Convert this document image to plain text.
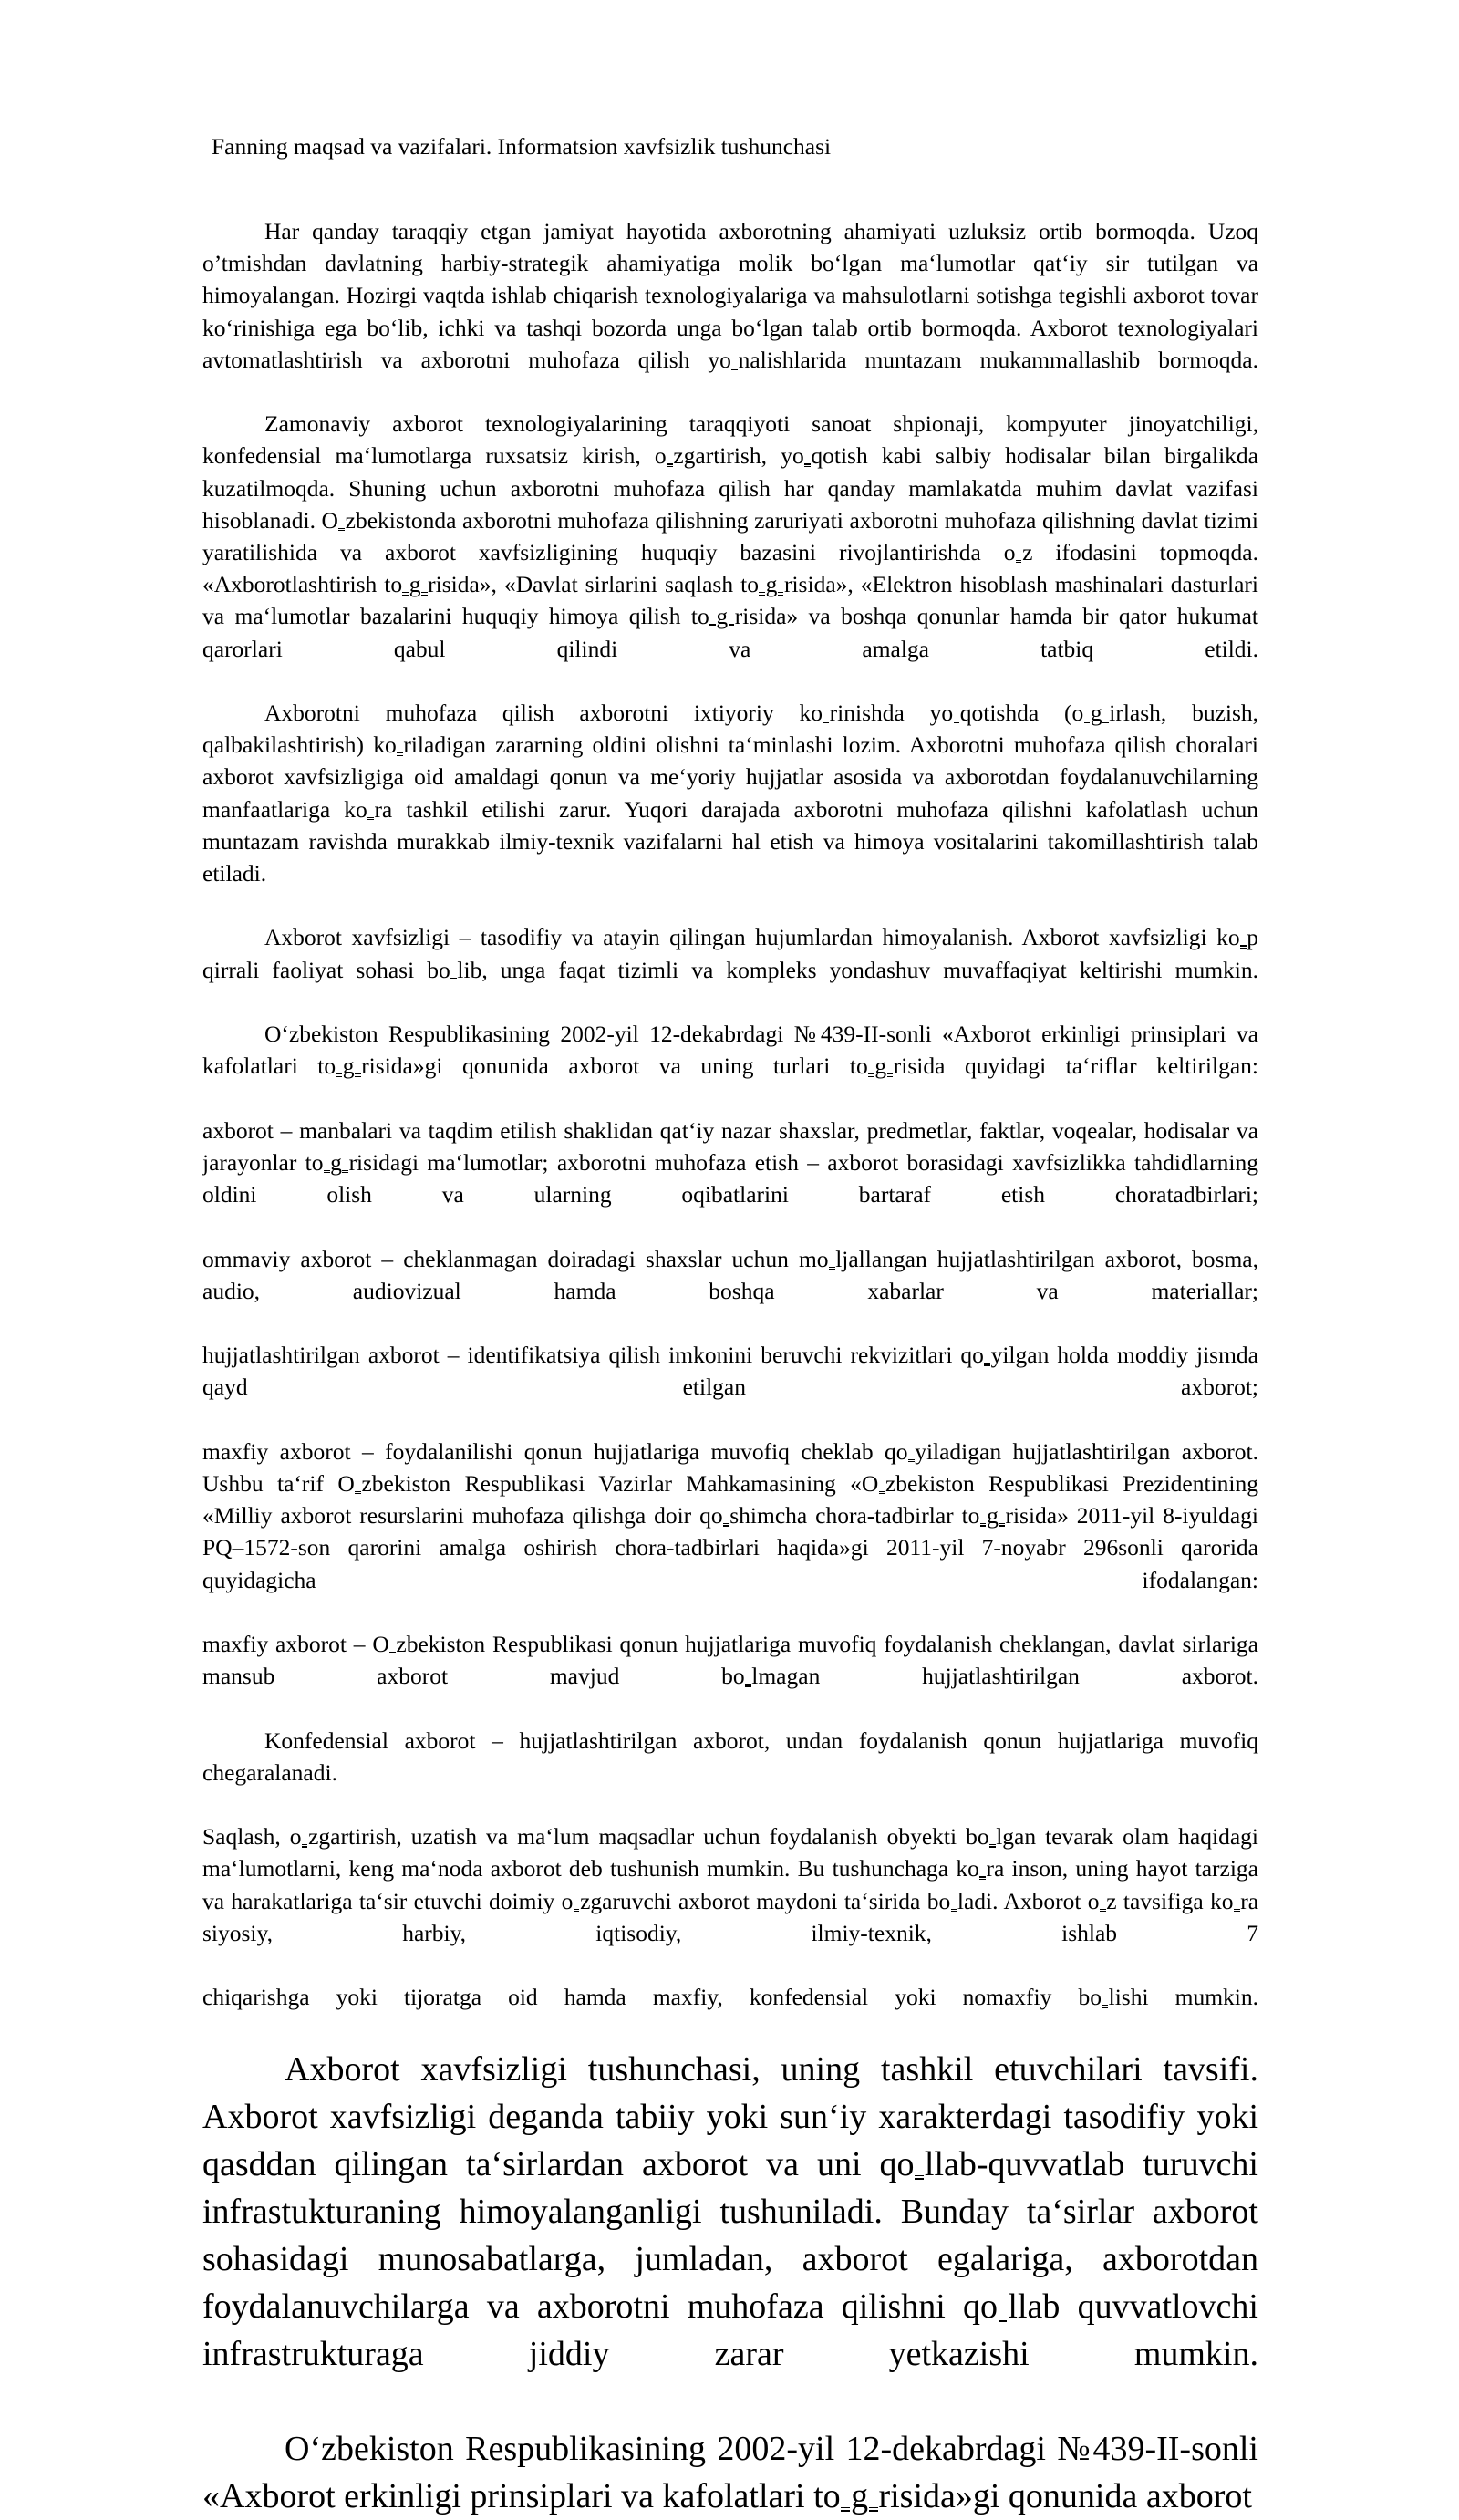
Fanning maqsad va vazifalari. Informatsion xavfsizlik tushunchasi

Har qanday taraqqiy etgan jamiyat hayotida axborotning ahamiyati uzluksiz ortib bormoqda. Uzoq o’tmishdan davlatning harbiy-strategik ahamiyatiga molik bo‘lgan ma‘lumotlar qat‘iy sir tutilgan va himoyalangan. Hozirgi vaqtda ishlab chiqarish texnologiyalariga va mahsulotlarni sotishga tegishli axborot tovar ko‘rinishiga ega bo‘lib, ichki va tashqi bozorda unga bo‘lgan talab ortib bormoqda. Axborot texnologiyalari avtomatlashtirish va axborotni muhofaza qilish yo nalishlarida muntazam mukammallashib bormoqda.

Zamonaviy axborot texnologiyalarining taraqqiyoti sanoat shpionaji, kompyuter jinoyatchiligi, konfedensial ma‘lumotlarga ruxsatsiz kirish, o zgartirish, yo qotish kabi salbiy hodisalar bilan birgalikda kuzatilmoqda. Shuning uchun axborotni muhofaza qilish har qanday mamlakatda muhim davlat vazifasi hisoblanadi. O zbekistonda axborotni muhofaza qilishning zaruriyati axborotni muhofaza qilishning davlat tizimi yaratilishida va axborot xavfsizligining huquqiy bazasini rivojlantirishda o z ifodasini topmoqda. «Axborotlashtirish to g risida», «Davlat sirlarini saqlash to g risida», «Elektron hisoblash mashinalari dasturlari va ma‘lumotlar bazalarini huquqiy himoya qilish to g risida» va boshqa qonunlar hamda bir qator hukumat qarorlari qabul qilindi va amalga tatbiq etildi.

Axborotni muhofaza qilish axborotni ixtiyoriy ko rinishda yo qotishda (o g irlash, buzish, qalbakilashtirish) ko riladigan zararning oldini olishni ta‘minlashi lozim. Axborotni muhofaza qilish choralari axborot xavfsizligiga oid amaldagi qonun va me‘yoriy hujjatlar asosida va axborotdan foydalanuvchilarning manfaatlariga ko ra tashkil etilishi zarur. Yuqori darajada axborotni muhofaza qilishni kafolatlash uchun muntazam ravishda murakkab ilmiy-texnik vazifalarni hal etish va himoya vositalarini takomillashtirish talab etiladi.

Axborot xavfsizligi – tasodifiy va atayin qilingan hujumlardan himoyalanish. Axborot xavfsizligi ko p qirrali faoliyat sohasi bo lib, unga faqat tizimli va kompleks yondashuv muvaffaqiyat keltirishi mumkin.

O‘zbekiston Respublikasining 2002-yil 12-dekabrdagi №439-II-sonli «Axborot erkinligi prinsiplari va kafolatlari to g risida»gi qonunida axborot va uning turlari to g risida quyidagi ta‘riflar keltirilgan:

axborot – manbalari va taqdim etilish shaklidan qat‘iy nazar shaxslar, predmetlar, faktlar, voqealar, hodisalar va jarayonlar to g risidagi ma‘lumotlar; axborotni muhofaza etish – axborot borasidagi xavfsizlikka tahdidlarning oldini olish va ularning oqibatlarini bartaraf etish choratadbirlari;

ommaviy axborot – cheklanmagan doiradagi shaxslar uchun mo ljallangan hujjatlashtirilgan axborot, bosma, audio, audiovizual hamda boshqa xabarlar va materiallar;

hujjatlashtirilgan axborot – identifikatsiya qilish imkonini beruvchi rekvizitlari qo yilgan holda moddiy jismda qayd etilgan axborot;

maxfiy axborot – foydalanilishi qonun hujjatlariga muvofiq cheklab qo yiladigan hujjatlashtirilgan axborot. Ushbu ta‘rif O zbekiston Respublikasi Vazirlar Mahkamasining «O zbekiston Respublikasi Prezidentining «Milliy axborot resurslarini muhofaza qilishga doir qo shimcha chora-tadbirlar to g risida» 2011-yil 8-iyuldagi PQ–1572-son qarorini amalga oshirish chora-tadbirlari haqida»gi 2011-yil 7-noyabr 296sonli qarorida quyidagicha ifodalangan:

maxfiy axborot – O zbekiston Respublikasi qonun hujjatlariga muvofiq foydalanish cheklangan, davlat sirlariga mansub axborot mavjud bo lmagan hujjatlashtirilgan axborot.

Konfedensial axborot – hujjatlashtirilgan axborot, undan foydalanish qonun hujjatlariga muvofiq chegaralanadi.

Saqlash, o zgartirish, uzatish va ma‘lum maqsadlar uchun foydalanish obyekti bo lgan tevarak olam haqidagi ma‘lumotlarni, keng ma‘noda axborot deb tushunish mumkin. Bu tushunchaga ko ra inson, uning hayot tarziga va harakatlariga ta‘sir etuvchi doimiy o zgaruvchi axborot maydoni ta‘sirida bo ladi. Axborot o z tavsifiga ko ra siyosiy, harbiy, iqtisodiy, ilmiy-texnik, ishlab 7

chiqarishga yoki tijoratga oid hamda maxfiy, konfedensial yoki nomaxfiy bo lishi mumkin.

Axborot xavfsizligi tushunchasi, uning tashkil etuvchilari tavsifi. Axborot xavfsizligi deganda tabiiy yoki sun‘iy xarakterdagi tasodifiy yoki qasddan qilingan ta‘sirlardan axborot va uni qo llab-quvvatlab turuvchi infrastukturaning himoyalanganligi tushuniladi. Bunday ta‘sirlar axborot sohasidagi munosabatlarga, jumladan, axborot egalariga, axborotdan foydalanuvchilarga va axborotni muhofaza qilishni qo llab quvvatlovchi infrastrukturaga jiddiy zarar yetkazishi mumkin.

O‘zbekiston Respublikasining 2002-yil 12-dekabrdagi №439-II-sonli «Axborot erkinligi prinsiplari va kafolatlari to g risida»gi qonunida axborot
